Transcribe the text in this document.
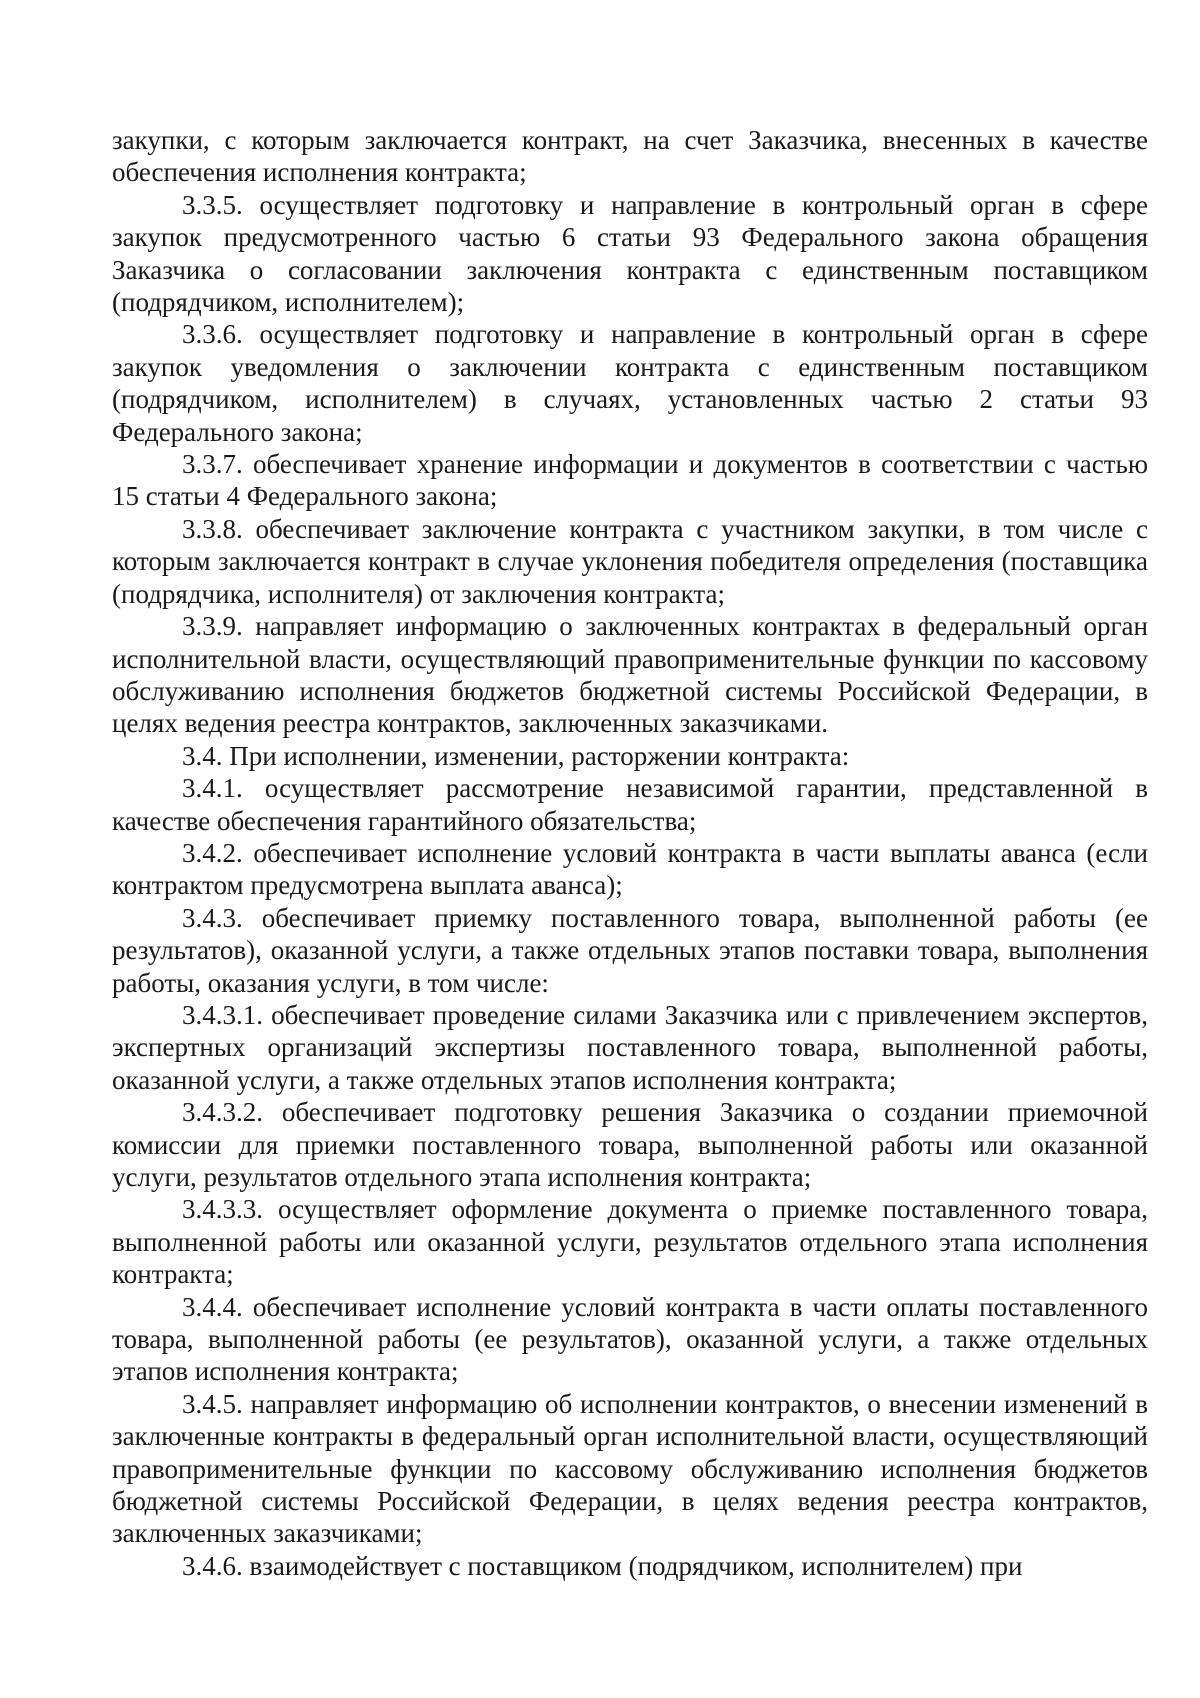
закупки, с которым заключается контракт, на счет Заказчика, внесенных в качестве обеспечения исполнения контракта;

3.3.5. осуществляет подготовку и направление в контрольный орган в сфере закупок предусмотренного частью 6 статьи 93 Федерального закона обращения Заказчика о согласовании заключения контракта с единственным поставщиком (подрядчиком, исполнителем);

3.3.6. осуществляет подготовку и направление в контрольный орган в сфере закупок уведомления о заключении контракта с единственным поставщиком (подрядчиком, исполнителем) в случаях, установленных частью 2 статьи 93 Федерального закона;

3.3.7. обеспечивает хранение информации и документов в соответствии с частью 15 статьи 4 Федерального закона;

3.3.8. обеспечивает заключение контракта с участником закупки, в том числе с которым заключается контракт в случае уклонения победителя определения (поставщика (подрядчика, исполнителя) от заключения контракта;

3.3.9. направляет информацию о заключенных контрактах в федеральный орган исполнительной власти, осуществляющий правоприменительные функции по кассовому обслуживанию исполнения бюджетов бюджетной системы Российской Федерации, в целях ведения реестра контрактов, заключенных заказчиками.

3.4. При исполнении, изменении, расторжении контракта:

3.4.1. осуществляет рассмотрение независимой гарантии, представленной в качестве обеспечения гарантийного обязательства;

3.4.2. обеспечивает исполнение условий контракта в части выплаты аванса (если контрактом предусмотрена выплата аванса);

3.4.3. обеспечивает приемку поставленного товара, выполненной работы (ее результатов), оказанной услуги, а также отдельных этапов поставки товара, выполнения работы, оказания услуги, в том числе:

3.4.3.1. обеспечивает проведение силами Заказчика или с привлечением экспертов, экспертных организаций экспертизы поставленного товара, выполненной работы, оказанной услуги, а также отдельных этапов исполнения контракта;

3.4.3.2. обеспечивает подготовку решения Заказчика о создании приемочной комиссии для приемки поставленного товара, выполненной работы или оказанной услуги, результатов отдельного этапа исполнения контракта;

3.4.3.3. осуществляет оформление документа о приемке поставленного товара, выполненной работы или оказанной услуги, результатов отдельного этапа исполнения контракта;

3.4.4. обеспечивает исполнение условий контракта в части оплаты поставленного товара, выполненной работы (ее результатов), оказанной услуги, а также отдельных этапов исполнения контракта;

3.4.5. направляет информацию об исполнении контрактов, о внесении изменений в заключенные контракты в федеральный орган исполнительной власти, осуществляющий правоприменительные функции по кассовому обслуживанию исполнения бюджетов бюджетной системы Российской Федерации, в целях ведения реестра контрактов, заключенных заказчиками;

3.4.6. взаимодействует с поставщиком (подрядчиком, исполнителем) при
